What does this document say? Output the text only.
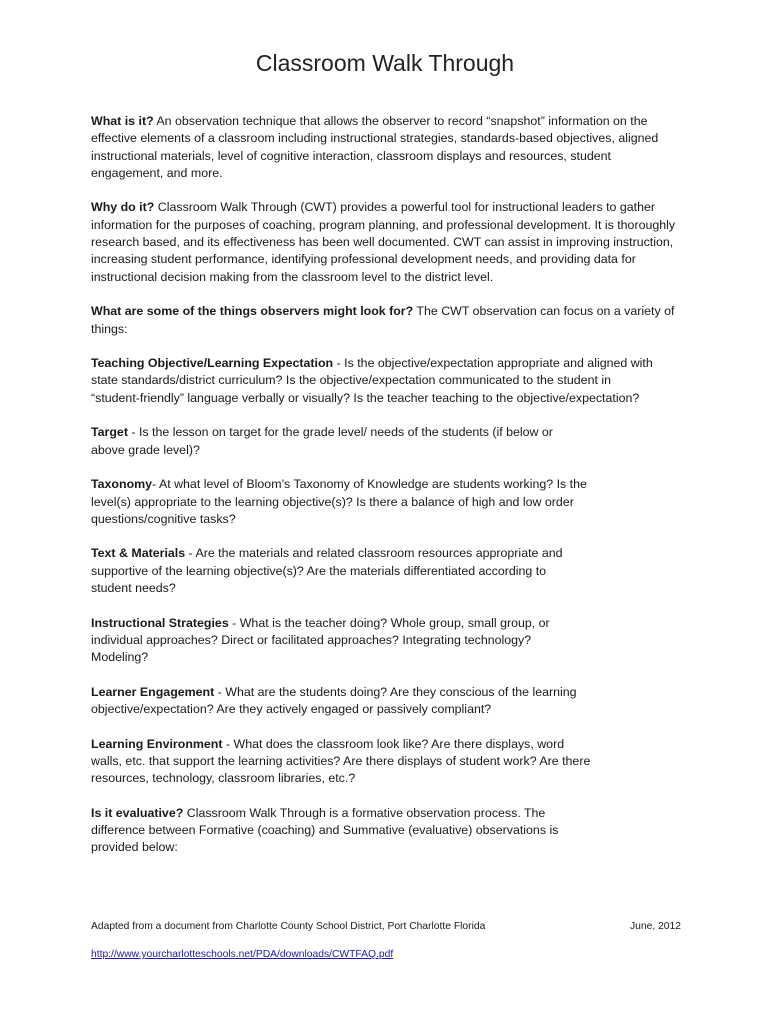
Classroom Walk Through

What is it? An observation technique that allows the observer to record “snapshot” information on the effective elements of a classroom including instructional strategies, standards-based objectives, aligned instructional materials, level of cognitive interaction, classroom displays and resources, student engagement, and more.

Why do it? Classroom Walk Through (CWT) provides a powerful tool for instructional leaders to gather information for the purposes of coaching, program planning, and professional development. It is thoroughly research based, and its effectiveness has been well documented. CWT can assist in improving instruction, increasing student performance, identifying professional development needs, and providing data for instructional decision making from the classroom level to the district level.

What are some of the things observers might look for? The CWT observation can focus on a variety of things:

Teaching Objective/Learning Expectation - Is the objective/expectation appropriate and aligned with state standards/district curriculum? Is the objective/expectation communicated to the student in “student-friendly” language verbally or visually? Is the teacher teaching to the objective/expectation?

Target - Is the lesson on target for the grade level/ needs of the students (if below or above grade level)?

Taxonomy- At what level of Bloom’s Taxonomy of Knowledge are students working? Is the level(s) appropriate to the learning objective(s)? Is there a balance of high and low order questions/cognitive tasks?

Text & Materials - Are the materials and related classroom resources appropriate and supportive of the learning objective(s)? Are the materials differentiated according to student needs?

Instructional Strategies - What is the teacher doing? Whole group, small group, or individual approaches? Direct or facilitated approaches? Integrating technology? Modeling?

Learner Engagement - What are the students doing? Are they conscious of the learning objective/expectation? Are they actively engaged or passively compliant?

Learning Environment - What does the classroom look like? Are there displays, word walls, etc. that support the learning activities? Are there displays of student work? Are there resources, technology, classroom libraries, etc.?

Is it evaluative? Classroom Walk Through is a formative observation process. The difference between Formative (coaching) and Summative (evaluative) observations is provided below:

Adapted from a document from Charlotte County School District, Port Charlotte Florida	June, 2012
http://www.yourcharlotteschools.net/PDA/downloads/CWTFAQ.pdf
